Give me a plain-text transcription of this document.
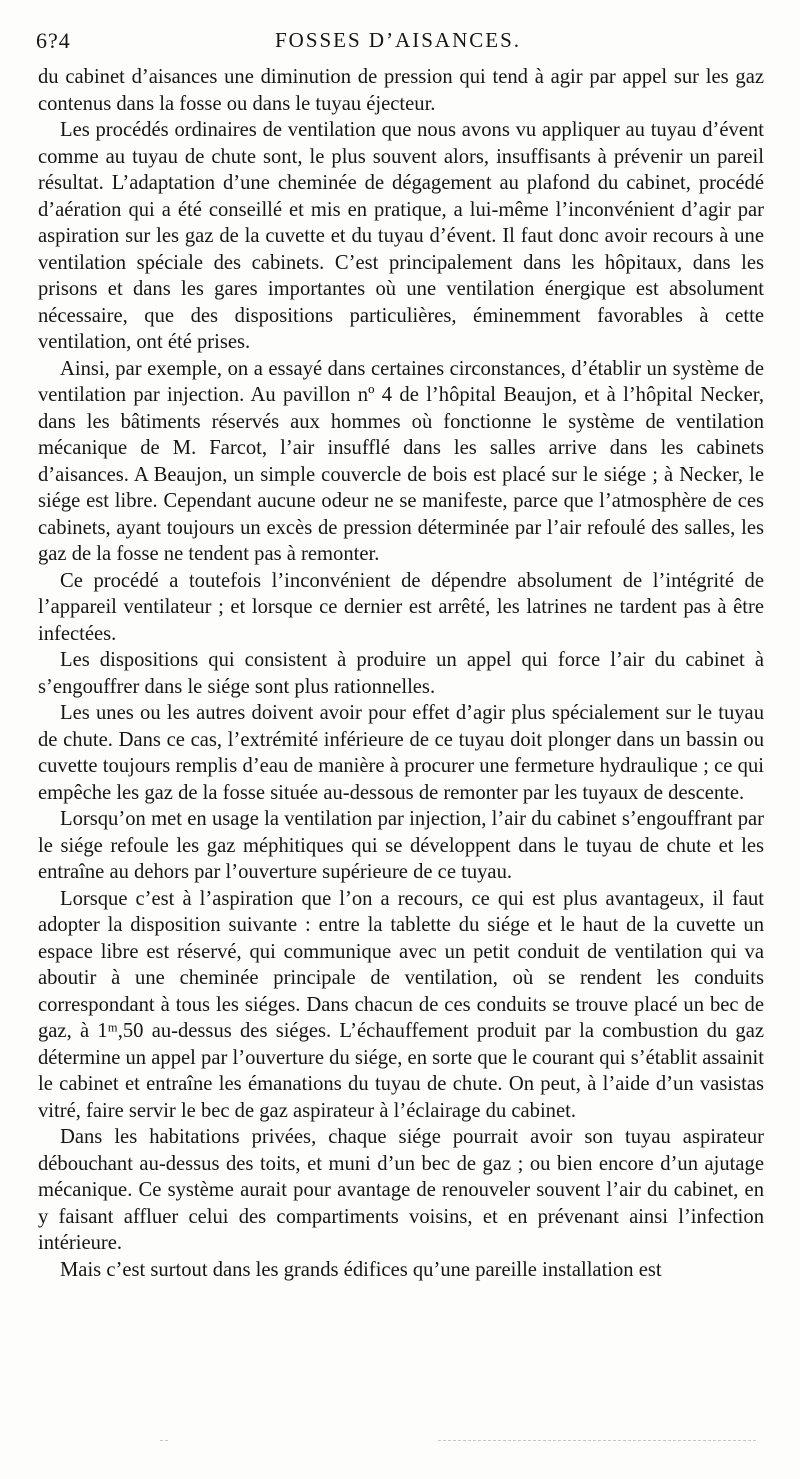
6?4	FOSSES D’AISANCES.

du cabinet d’aisances une diminution de pression qui tend à agir par appel sur les gaz contenus dans la fosse ou dans le tuyau éjecteur.

Les procédés ordinaires de ventilation que nous avons vu appliquer au tuyau d’évent comme au tuyau de chute sont, le plus souvent alors, insuffisants à prévenir un pareil résultat. L’adaptation d’une cheminée de dégagement au plafond du cabinet, procédé d’aération qui a été conseillé et mis en pratique, a lui-même l’inconvénient d’agir par aspiration sur les gaz de la cuvette et du tuyau d’évent. Il faut donc avoir recours à une ventilation spéciale des cabinets. C’est principalement dans les hôpitaux, dans les prisons et dans les gares importantes où une ventilation énergique est absolument nécessaire, que des dispositions particulières, éminemment favorables à cette ventilation, ont été prises.

Ainsi, par exemple, on a essayé dans certaines circonstances, d’établir un système de ventilation par injection. Au pavillon nº 4 de l’hôpital Beaujon, et à l’hôpital Necker, dans les bâtiments réservés aux hommes où fonctionne le système de ventilation mécanique de M. Farcot, l’air insufflé dans les salles arrive dans les cabinets d’aisances. A Beaujon, un simple couvercle de bois est placé sur le siége ; à Necker, le siége est libre. Cependant aucune odeur ne se manifeste, parce que l’atmosphère de ces cabinets, ayant toujours un excès de pression déterminée par l’air refoulé des salles, les gaz de la fosse ne tendent pas à remonter.

Ce procédé a toutefois l’inconvénient de dépendre absolument de l’intégrité de l’appareil ventilateur ; et lorsque ce dernier est arrêté, les latrines ne tardent pas à être infectées.

Les dispositions qui consistent à produire un appel qui force l’air du cabinet à s’engouffrer dans le siége sont plus rationnelles.

Les unes ou les autres doivent avoir pour effet d’agir plus spécialement sur le tuyau de chute. Dans ce cas, l’extrémité inférieure de ce tuyau doit plonger dans un bassin ou cuvette toujours remplis d’eau de manière à procurer une fermeture hydraulique ; ce qui empêche les gaz de la fosse située au-dessous de remonter par les tuyaux de descente.

Lorsqu’on met en usage la ventilation par injection, l’air du cabinet s’engouffrant par le siége refoule les gaz méphitiques qui se développent dans le tuyau de chute et les entraîne au dehors par l’ouverture supérieure de ce tuyau.

Lorsque c’est à l’aspiration que l’on a recours, ce qui est plus avantageux, il faut adopter la disposition suivante : entre la tablette du siége et le haut de la cuvette un espace libre est réservé, qui communique avec un petit conduit de ventilation qui va aboutir à une cheminée principale de ventilation, où se rendent les conduits correspondant à tous les siéges. Dans chacun de ces conduits se trouve placé un bec de gaz, à 1ᵐ,50 au-dessus des siéges. L’échauffement produit par la combustion du gaz détermine un appel par l’ouverture du siége, en sorte que le courant qui s’établit assainit le cabinet et entraîne les émanations du tuyau de chute. On peut, à l’aide d’un vasistas vitré, faire servir le bec de gaz aspirateur à l’éclairage du cabinet.

Dans les habitations privées, chaque siége pourrait avoir son tuyau aspirateur débouchant au-dessus des toits, et muni d’un bec de gaz ; ou bien encore d’un ajutage mécanique. Ce système aurait pour avantage de renouveler souvent l’air du cabinet, en y faisant affluer celui des compartiments voisins, et en prévenant ainsi l’infection intérieure.

Mais c’est surtout dans les grands édifices qu’une pareille installation est
